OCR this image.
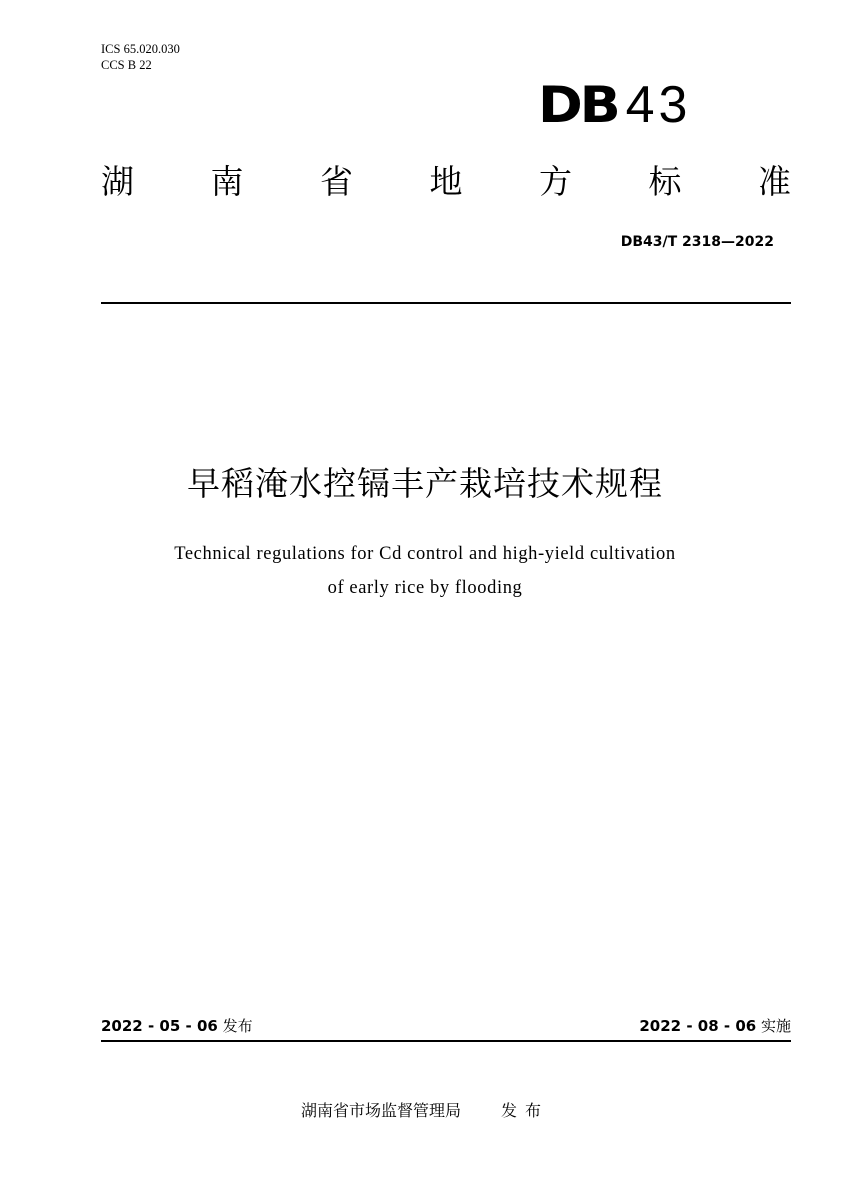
ICS 65.020.030
CCS B 22
DB 43
湖 南 省 地 方 标 准
DB43/T 2318—2022
早稻淹水控镉丰产栽培技术规程
Technical regulations for Cd control and high-yield cultivation
of early rice by flooding
2022 - 05 - 06 发布	2022 - 08 - 06 实施
湖南省市场监督管理局	发布
